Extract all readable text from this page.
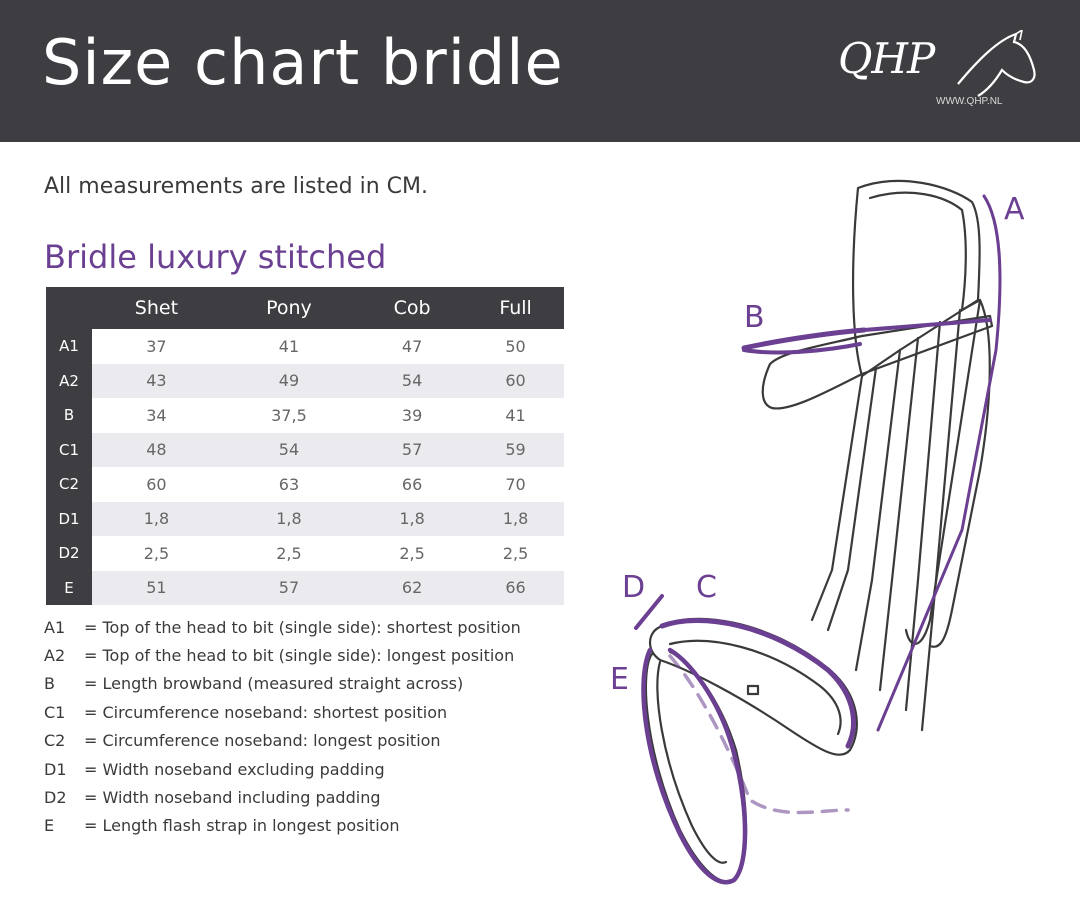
Size chart bridle	QHP
WWW.QHP.NL
All measurements are listed in CM.
Bridle luxury stitched
	Shet	Pony	Cob	Full
A1	37	41	47	50
A2	43	49	54	60
B	34	37,5	39	41
C1	48	54	57	59
C2	60	63	66	70
D1	1,8	1,8	1,8	1,8
D2	2,5	2,5	2,5	2,5
E	51	57	62	66
A1	= Top of the head to bit (single side): shortest position
A2	= Top of the head to bit (single side): longest position
B	= Length browband (measured straight across)
C1	= Circumference noseband: shortest position
C2	= Circumference noseband: longest position
D1	= Width noseband excluding padding
D2	= Width noseband including padding
E	= Length flash strap in longest position
A
B
C
D
E
